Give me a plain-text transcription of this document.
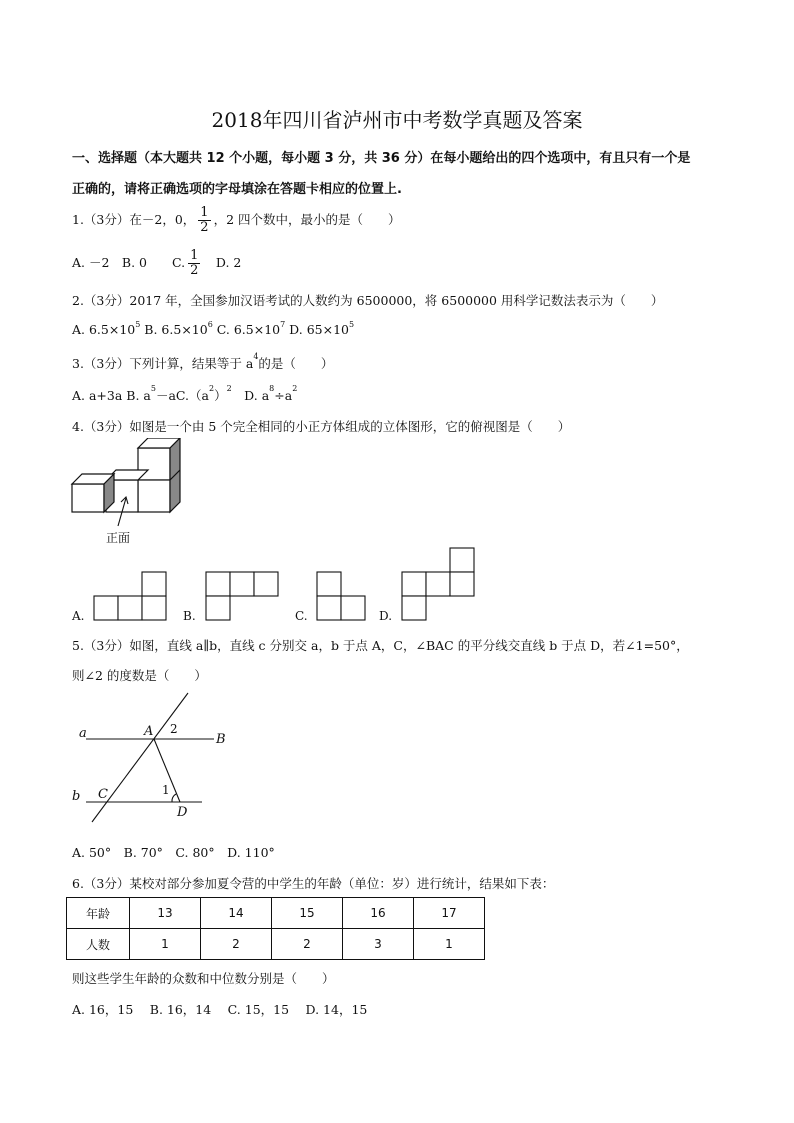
2018年四川省泸州市中考数学真题及答案
一、选择题（本大题共 12 个小题，每小题 3 分，共 36 分）在每小题给出的四个选项中，有且只有一个是
正确的，请将正确选项的字母填涂在答题卡相应的位置上.
1.（3分）在－2，0， $\frac{1}{2}$ ，2 四个数中，最小的是（　　）
A. －2　B. 0　　C. $\frac{1}{2}$
　 D. 2
2.（3分）2017 年，全国参加汉语考试的人数约为 6500000，将 6500000 用科学记数法表示为（　　）
A. $6.5\times 10^5$ B. $6.5\times 10^6$ C. $6.5\times 10^7$ D. $65\times 10^5$
3.（3分）下列计算，结果等于 $a^4$的是（　　）
A. a+3a B. $a^5-aC.(a^2)^2$　D. $a^8\div a^2$
4.（3分）如图是一个由 5 个完全相同的小正方体组成的立体图形，它的俯视图是（　　）
正面
A.	B.	C.	D.
5.（3分）如图，直线 a∥b，直线 c 分别交 a，b 于点 A，C，∠BAC 的平分线交直线 b 于点 D，若∠1=50°，
则∠2 的度数是（　　）
a	A
B
b C
D
1
2
A. 50°　B. 70°　C. 80°　D. 110°
6.（3分）某校对部分参加夏令营的中学生的年龄（单位：岁）进行统计，结果如下表：
年龄	13	14	15	16	17
人数	1	2	2	3	1
则这些学生年龄的众数和中位数分别是（　　）
A. 16，15　 B. 16，14　 C. 15，15　 D. 14，15
